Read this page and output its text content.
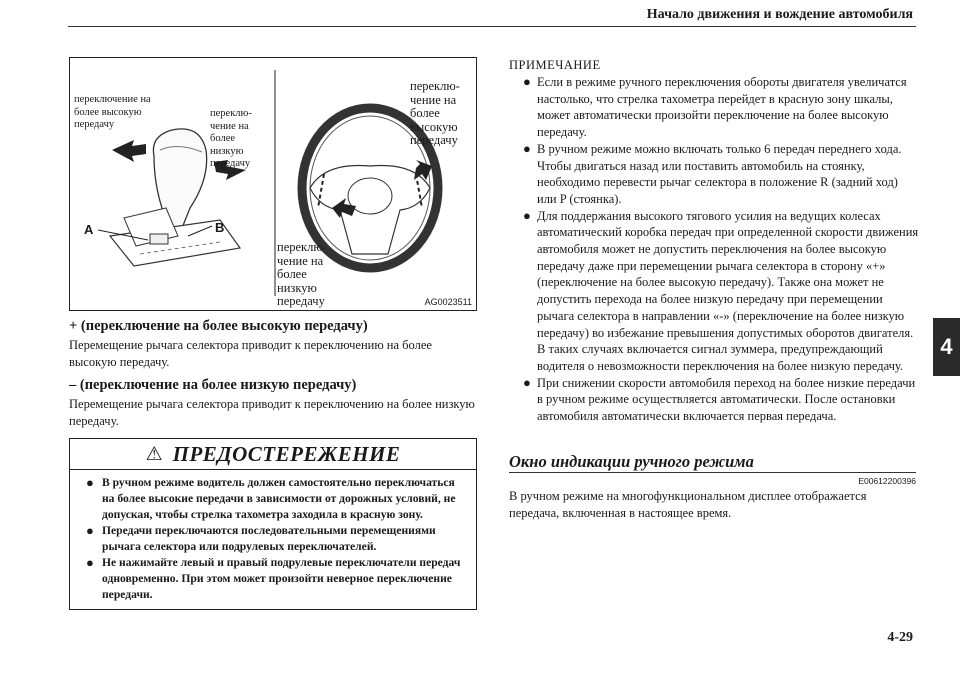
Начало движения и вождение автомобиля
4
переключение на более высокую передачу
переклю-чение на более низкую передачу
переклю-чение на более высокую передачу
переклю-чение на более низкую передачу
A	B
AG0023511
+ (переключение на более высокую передачу)
Перемещение рычага селектора приводит к переключению на более высокую передачу.
– (переключение на более низкую передачу)
Перемещение рычага селектора приводит к переключению на более низкую передачу.
⚠ ПРЕДОСТЕРЕЖЕНИЕ
● В ручном режиме водитель должен самостоятельно переключаться на более высокие передачи в зависимости от дорожных условий, не допуская, чтобы стрелка тахометра заходила в красную зону.
● Передачи переключаются последовательными перемещениями рычага селектора или подрулевых переключателей.
● Не нажимайте левый и правый подрулевые переключатели передач одновременно. При этом может произойти неверное переключение передачи.
ПРИМЕЧАНИЕ
● Если в режиме ручного переключения обороты двигателя увеличатся настолько, что стрелка тахометра перейдет в красную зону шкалы, может автоматически произойти переключение на более высокую передачу.
● В ручном режиме можно включать только 6 передач переднего хода. Чтобы двигаться назад или поставить автомобиль на стоянку, необходимо перевести рычаг селектора в положение R (задний ход) или P (стоянка).
● Для поддержания высокого тягового усилия на ведущих колесах автоматический коробка передач при определенной скорости движения автомобиля может не допустить переключения на более высокую передачу даже при перемещении рычага селектора в сторону «+» (переключение на более высокую передачу). Также она может не допустить перехода на более низкую передачу при перемещении рычага селектора в направлении «-» (переключение на более низкую передачу) во избежание превышения допустимых оборотов двигателя. В таких случаях включается сигнал зуммера, предупреждающий водителя о невозможности переключения на более низкую передачу.
● При снижении скорости автомобиля переход на более низкие передачи в ручном режиме осуществляется автоматически. После остановки автомобиля автоматически включается первая передача.
Окно индикации ручного режима
E00612200396
В ручном режиме на многофункциональном дисплее отображается передача, включенная в настоящее время.
4-29
